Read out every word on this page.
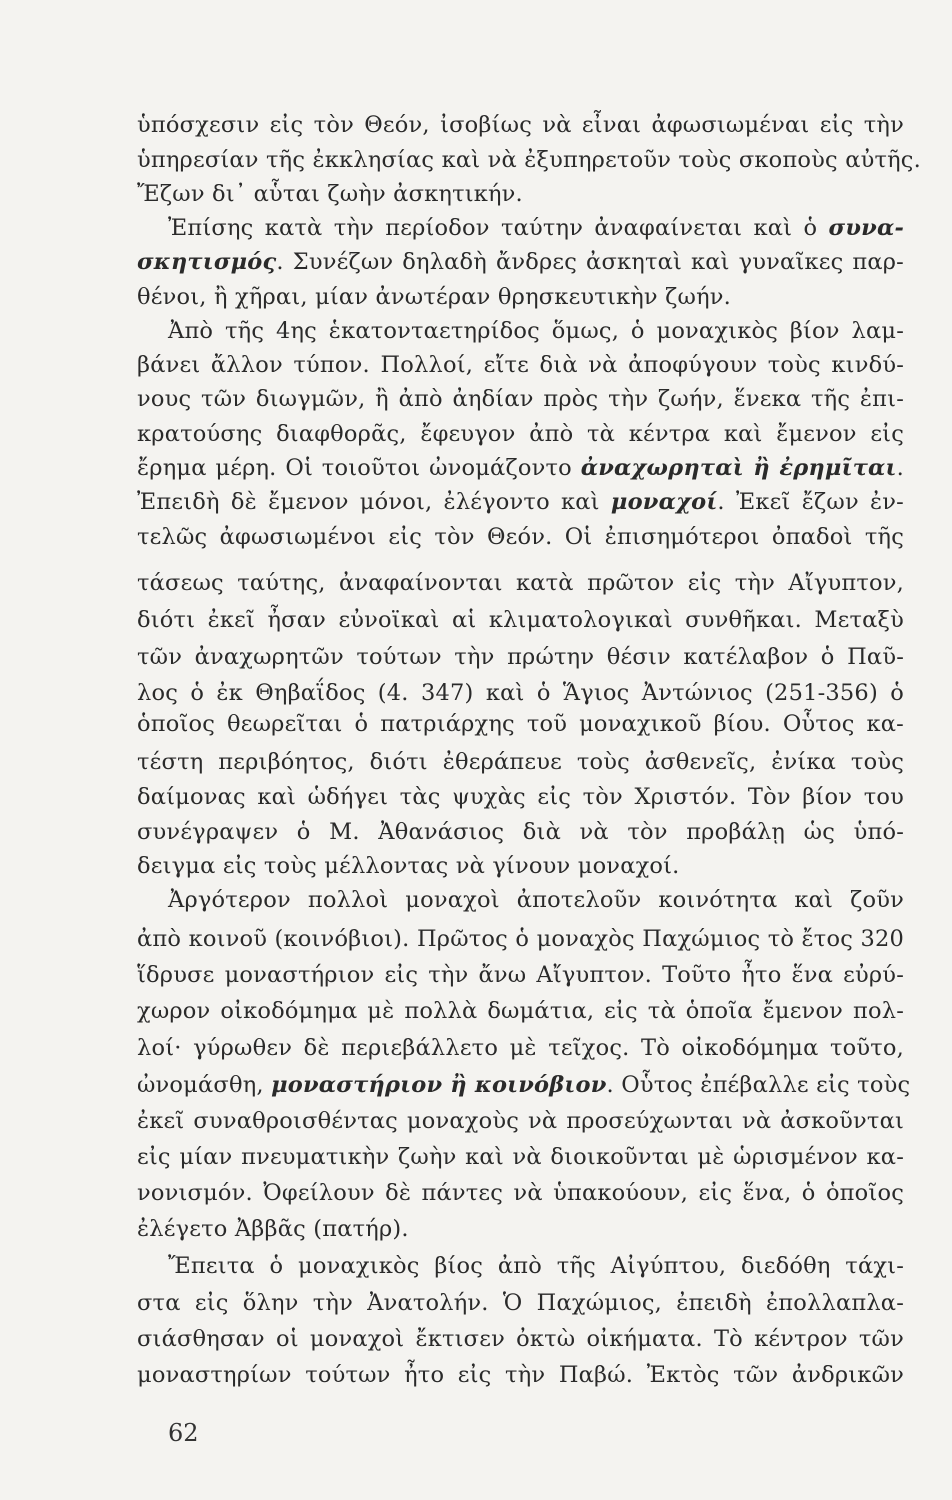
ὑπόσχεσιν εἰς τὸν Θεόν, ἰσοβίως νὰ εἶναι ἀφωσιωμέναι εἰς τὴν
ὑπηρεσίαν τῆς ἐκκλησίας καὶ νὰ ἐξυπηρετοῦν τοὺς σκοποὺς αὐτῆς.
Ἔζων δι᾿ αὗται ζωὴν ἀσκητικήν.
Ἐπίσης κατὰ τὴν περίοδον ταύτην ἀναφαίνεται καὶ ὁ συνα-
σκητισμός. Συνέζων δηλαδὴ ἄνδρες ἀσκηταὶ καὶ γυναῖκες παρ-
θένοι, ἢ χῆραι, μίαν ἀνωτέραν θρησκευτικὴν ζωήν.
Ἀπὸ τῆς 4ης ἑκατονταετηρίδος ὅμως, ὁ μοναχικὸς βίον λαμ-
βάνει ἄλλον τύπον. Πολλοί, εἴτε διὰ νὰ ἀποφύγουν τοὺς κινδύ-
νους τῶν διωγμῶν, ἢ ἀπὸ ἀηδίαν πρὸς τὴν ζωήν, ἕνεκα τῆς ἐπι-
κρατούσης διαφθορᾶς, ἔφευγον ἀπὸ τὰ κέντρα καὶ ἔμενον εἰς
ἔρημα μέρη. Οἱ τοιοῦτοι ὠνομάζοντο ἀναχωρηταὶ ἢ ἐρημῖται.
Ἐπειδὴ δὲ ἔμενον μόνοι, ἐλέγοντο καὶ μοναχοί. Ἐκεῖ ἔζων ἐν-
τελῶς ἀφωσιωμένοι εἰς τὸν Θεόν. Οἱ ἐπισημότεροι ὀπαδοὶ τῆς
τάσεως ταύτης, ἀναφαίνονται κατὰ πρῶτον εἰς τὴν Αἴγυπτον,
διότι ἐκεῖ ἦσαν εὐνοϊκαὶ αἱ κλιματολογικαὶ συνθῆκαι. Μεταξὺ
τῶν ἀναχωρητῶν τούτων τὴν πρώτην θέσιν κατέλαβον ὁ Παῦ-
λος ὁ ἐκ Θηβαΐδος (4. 347) καὶ ὁ Ἅγιος Ἀντώνιος (251-356) ὁ
ὁποῖος θεωρεῖται ὁ πατριάρχης τοῦ μοναχικοῦ βίου. Οὗτος κα-
τέστη περιβόητος, διότι ἐθεράπευε τοὺς ἀσθενεῖς, ἐνίκα τοὺς
δαίμονας καὶ ὡδήγει τὰς ψυχὰς εἰς τὸν Χριστόν. Τὸν βίον του
συνέγραψεν ὁ Μ. Ἀθανάσιος διὰ νὰ τὸν προβάλῃ ὡς ὑπό-
δειγμα εἰς τοὺς μέλλοντας νὰ γίνουν μοναχοί.
Ἀργότερον πολλοὶ μοναχοὶ ἀποτελοῦν κοινότητα καὶ ζοῦν
ἀπὸ κοινοῦ (κοινόβιοι). Πρῶτος ὁ μοναχὸς Παχώμιος τὸ ἔτος 320
ἵδρυσε μοναστήριον εἰς τὴν ἄνω Αἴγυπτον. Τοῦτο ἦτο ἕνα εὐρύ-
χωρον οἰκοδόμημα μὲ πολλὰ δωμάτια, εἰς τὰ ὁποῖα ἔμενον πολ-
λοί· γύρωθεν δὲ περιεβάλλετο μὲ τεῖχος. Τὸ οἰκοδόμημα τοῦτο,
ὠνομάσθη, μοναστήριον ἢ κοινόβιον. Οὗτος ἐπέβαλλε εἰς τοὺς
ἐκεῖ συναθροισθέντας μοναχοὺς νὰ προσεύχωνται νὰ ἀσκοῦνται
εἰς μίαν πνευματικὴν ζωὴν καὶ νὰ διοικοῦνται μὲ ὡρισμένον κα-
νονισμόν. Ὀφείλουν δὲ πάντες νὰ ὑπακούουν, εἰς ἕνα, ὁ ὁποῖος
ἐλέγετο Ἀββᾶς (πατήρ).
Ἔπειτα ὁ μοναχικὸς βίος ἀπὸ τῆς Αἰγύπτου, διεδόθη τάχι-
στα εἰς ὅλην τὴν Ἀνατολήν. Ὁ Παχώμιος, ἐπειδὴ ἐπολλαπλα-
σιάσθησαν οἱ μοναχοὶ ἔκτισεν ὀκτὼ οἰκήματα. Τὸ κέντρον τῶν
μοναστηρίων τούτων ἦτο εἰς τὴν Παβώ. Ἐκτὸς τῶν ἀνδρικῶν
62
